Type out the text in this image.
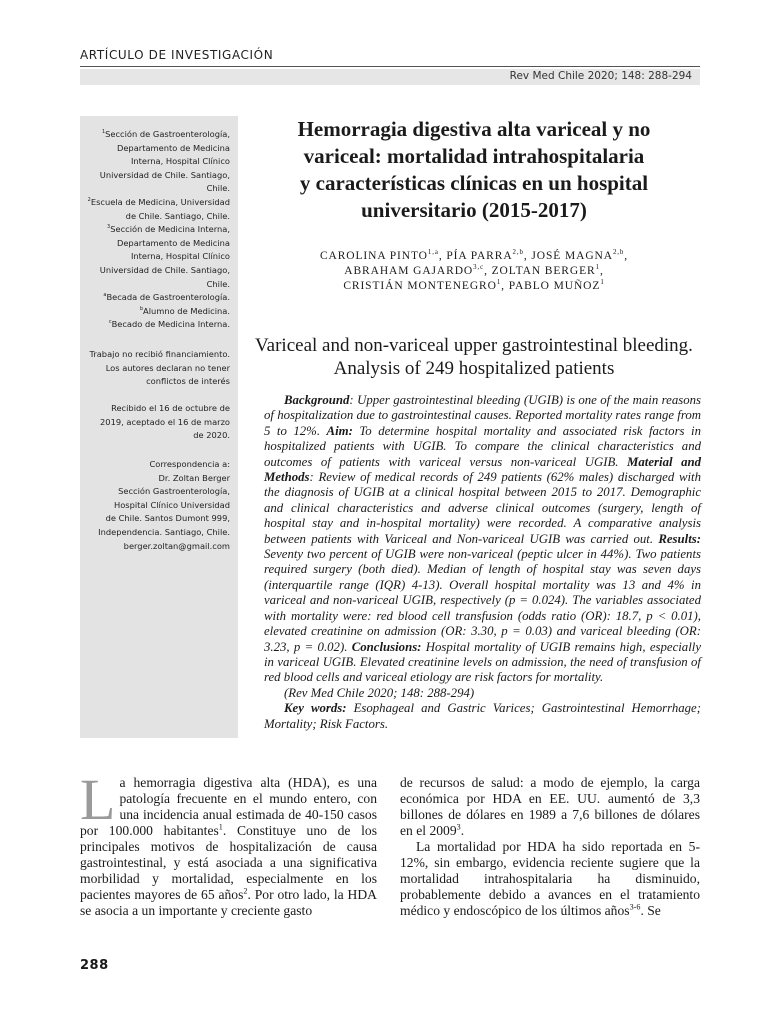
ARTÍCULO DE INVESTIGACIÓN
Rev Med Chile 2020; 148: 288-294
$^1$Sección de Gastroenterología,
Departamento de Medicina
Interna, Hospital Clínico
Universidad de Chile. Santiago,
Chile.
$^2$Escuela de Medicina, Universidad
de Chile. Santiago, Chile.
$^3$Sección de Medicina Interna,
Departamento de Medicina
Interna, Hospital Clínico
Universidad de Chile. Santiago,
Chile.
$^a$Becada de Gastroenterología.
$^b$Alumno de Medicina.
$^c$Becado de Medicina Interna.
Trabajo no recibió financiamiento.
Los autores declaran no tener
conflictos de interés
Recibido el 16 de octubre de
2019, aceptado el 16 de marzo
de 2020.
Correspondencia a:
Dr. Zoltan Berger
Sección Gastroenterología,
Hospital Clínico Universidad
de Chile. Santos Dumont 999,
Independencia. Santiago, Chile.
berger.zoltan@gmail.com
Hemorragia digestiva alta variceal y no
variceal: mortalidad intrahospitalaria
y características clínicas en un hospital
universitario (2015-2017)
CAROLINA PINTO$^{1,a}$, PÍA PARRA$^{2,b}$, JOSÉ MAGNA$^{2,b}$,
ABRAHAM GAJARDO$^{3,c}$, ZOLTAN BERGER$^1$,
CRISTIÁN MONTENEGRO$^1$, PABLO MUÑOZ$^1$
Variceal and non-variceal upper gastrointestinal bleeding. Analysis of 249 hospitalized patients

Background: Upper gastrointestinal bleeding (UGIB) is one of the main reasons of hospitalization due to gastrointestinal causes. Reported mortality rates range from 5 to 12%. Aim: To determine hospital mortality and associated risk factors in hospitalized patients with UGIB. To compare the clinical characteristics and outcomes of patients with variceal versus non-variceal UGIB. Material and Methods: Review of medical records of 249 patients (62% males) discharged with the diagnosis of UGIB at a clinical hospital between 2015 to 2017. Demographic and clinical characteristics and adverse clinical outcomes (surgery, length of hospital stay and in-hospital mortality) were recorded. A comparative analysis between patients with Variceal and Non-variceal UGIB was carried out. Results: Seventy two percent of UGIB were non-variceal (peptic ulcer in 44%). Two patients required surgery (both died). Median of length of hospital stay was seven days (interquartile range (IQR) 4-13). Overall hospital mortality was 13 and 4% in variceal and non-variceal UGIB, respectively (p = 0.024). The variables associated with mortality were: red blood cell transfusion (odds ratio (OR): 18.7, p < 0.01), elevated creatinine on admission (OR: 3.30, p = 0.03) and variceal bleeding (OR: 3.23, p = 0.02). Conclusions: Hospital mortality of UGIB remains high, especially in variceal UGIB. Elevated creatinine levels on admission, the need of transfusion of red blood cells and variceal etiology are risk factors for mortality.

(Rev Med Chile 2020; 148: 288-294)

Key words: Esophageal and Gastric Varices; Gastrointestinal Hemorrhage; Mortality; Risk Factors.

La hemorragia digestiva alta (HDA), es una patología frecuente en el mundo entero, con una incidencia anual estimada de 40-150 casos por 100.000 habitantes$^1$. Constituye uno de los principales motivos de hospitalización de causa gastrointestinal, y está asociada a una significativa morbilidad y mortalidad, especialmente en los pacientes mayores de 65 años$^2$. Por otro lado, la HDA se asocia a un importante y creciente gasto

de recursos de salud: a modo de ejemplo, la carga económica por HDA en EE. UU. aumentó de 3,3 billones de dólares en 1989 a 7,6 billones de dólares en el 2009$^3$.

La mortalidad por HDA ha sido reportada en 5-12%, sin embargo, evidencia reciente sugiere que la mortalidad intrahospitalaria ha disminuido, probablemente debido a avances en el tratamiento médico y endoscópico de los últimos años$^{3-6}$. Se

288
